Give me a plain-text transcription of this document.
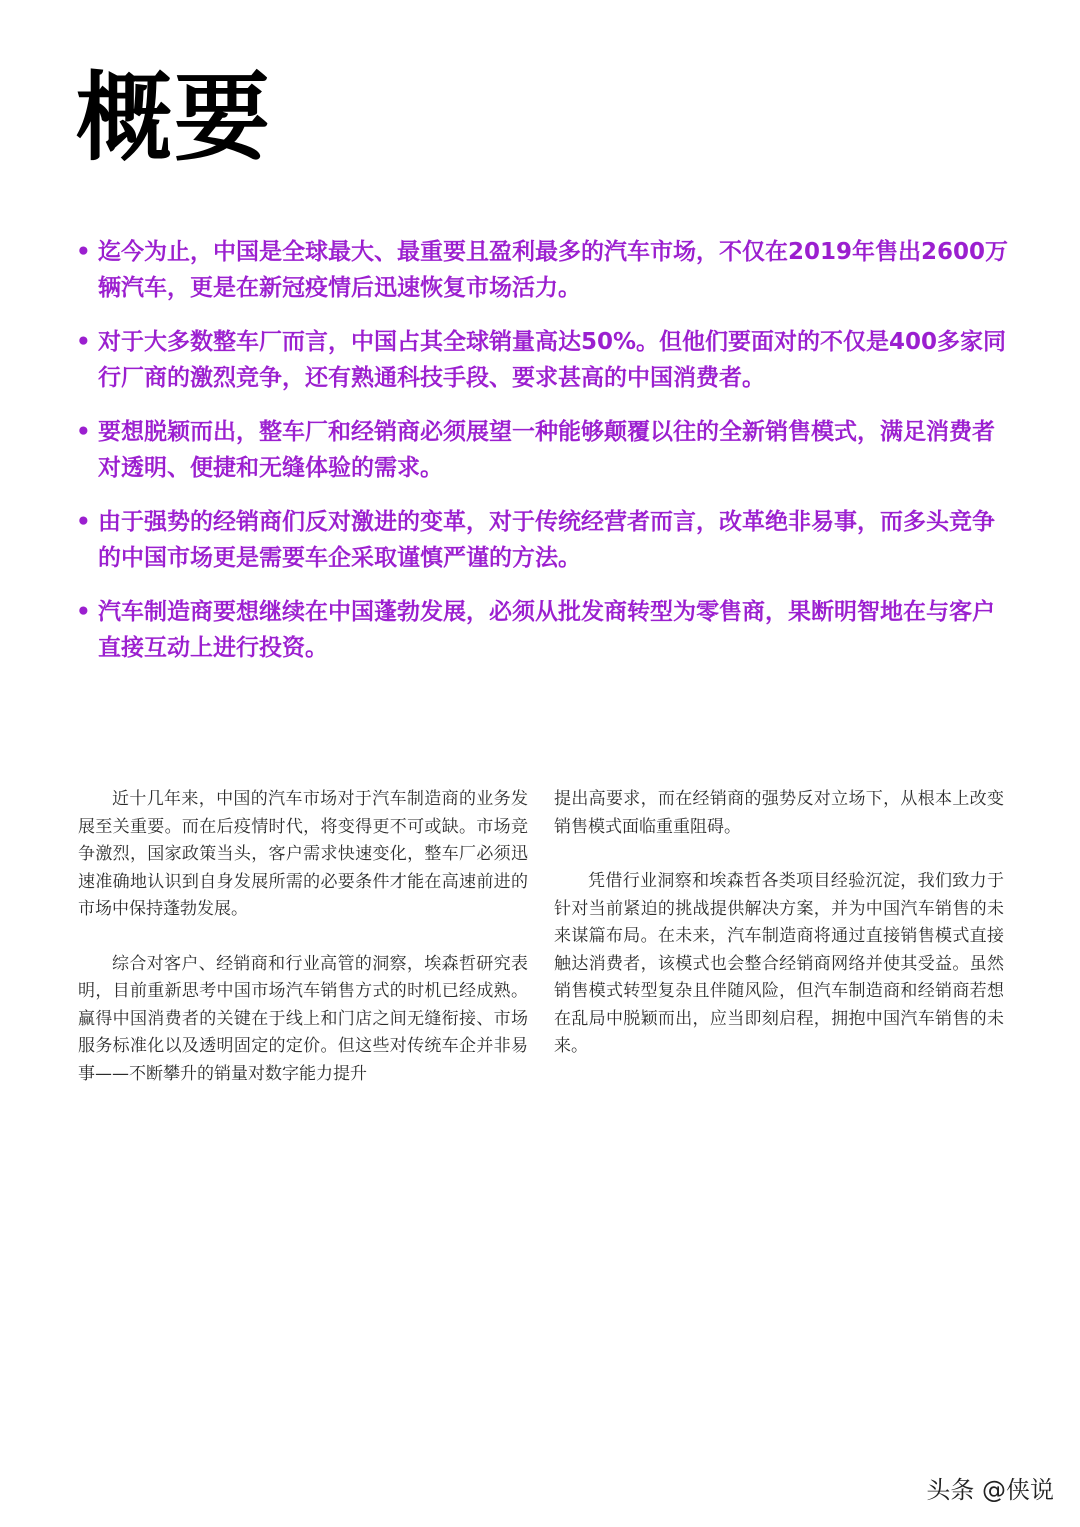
概要
• 迄今为止，中国是全球最大、最重要且盈利最多的汽车市场，不仅在2019年售出2600万辆汽车，更是在新冠疫情后迅速恢复市场活力。
• 对于大多数整车厂而言，中国占其全球销量高达50%。但他们要面对的不仅是400多家同行厂商的激烈竞争，还有熟通科技手段、要求甚高的中国消费者。
• 要想脱颖而出，整车厂和经销商必须展望一种能够颠覆以往的全新销售模式，满足消费者对透明、便捷和无缝体验的需求。
• 由于强势的经销商们反对激进的变革，对于传统经营者而言，改革绝非易事，而多头竞争的中国市场更是需要车企采取谨慎严谨的方法。
• 汽车制造商要想继续在中国蓬勃发展，必须从批发商转型为零售商，果断明智地在与客户直接互动上进行投资。

近十几年来，中国的汽车市场对于汽车制造商的业务发展至关重要。而在后疫情时代，将变得更不可或缺。市场竞争激烈，国家政策当头，客户需求快速变化，整车厂必须迅速准确地认识到自身发展所需的必要条件才能在高速前进的市场中保持蓬勃发展。

综合对客户、经销商和行业高管的洞察，埃森哲研究表明，目前重新思考中国市场汽车销售方式的时机已经成熟。赢得中国消费者的关键在于线上和门店之间无缝衔接、市场服务标准化以及透明固定的定价。但这些对传统车企并非易事——不断攀升的销量对数字能力提升

提出高要求，而在经销商的强势反对立场下，从根本上改变销售模式面临重重阻碍。

凭借行业洞察和埃森哲各类项目经验沉淀，我们致力于针对当前紧迫的挑战提供解决方案，并为中国汽车销售的未来谋篇布局。在未来，汽车制造商将通过直接销售模式直接触达消费者，该模式也会整合经销商网络并使其受益。虽然销售模式转型复杂且伴随风险，但汽车制造商和经销商若想在乱局中脱颖而出，应当即刻启程，拥抱中国汽车销售的未来。

头条 @侠说
